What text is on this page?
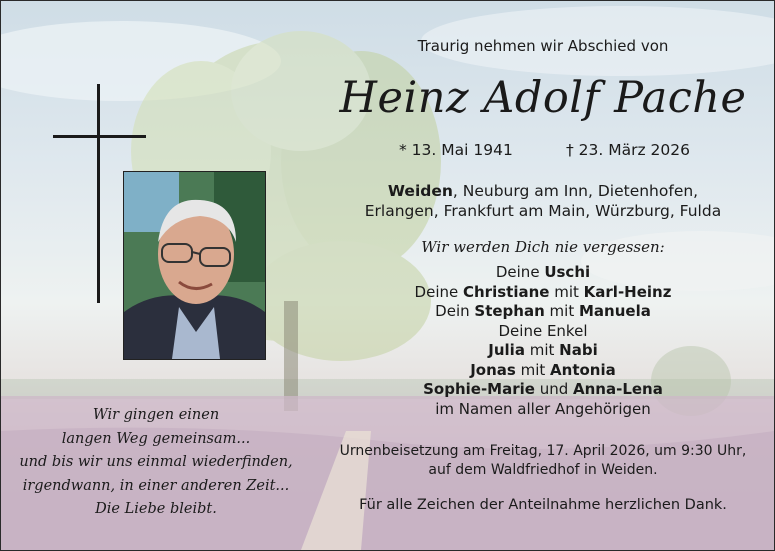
Traurig nehmen wir Abschied von
Heinz Adolf Pache
* 13. Mai 1941	† 23. März 2026
Weiden, Neuburg am Inn, Dietenhofen,
Erlangen, Frankfurt am Main, Würzburg, Fulda
Wir werden Dich nie vergessen:
Deine Uschi
Deine Christiane mit Karl-Heinz
Dein Stephan mit Manuela
Deine Enkel
Julia mit Nabi
Jonas mit Antonia
Sophie-Marie und Anna-Lena
im Namen aller Angehörigen
Wir gingen einen
langen Weg gemeinsam...
und bis wir uns einmal wiederfinden,
irgendwann, in einer anderen Zeit...
Die Liebe bleibt.
Urnenbeisetzung am Freitag, 17. April 2026, um 9:30 Uhr,
auf dem Waldfriedhof in Weiden.
Für alle Zeichen der Anteilnahme herzlichen Dank.
